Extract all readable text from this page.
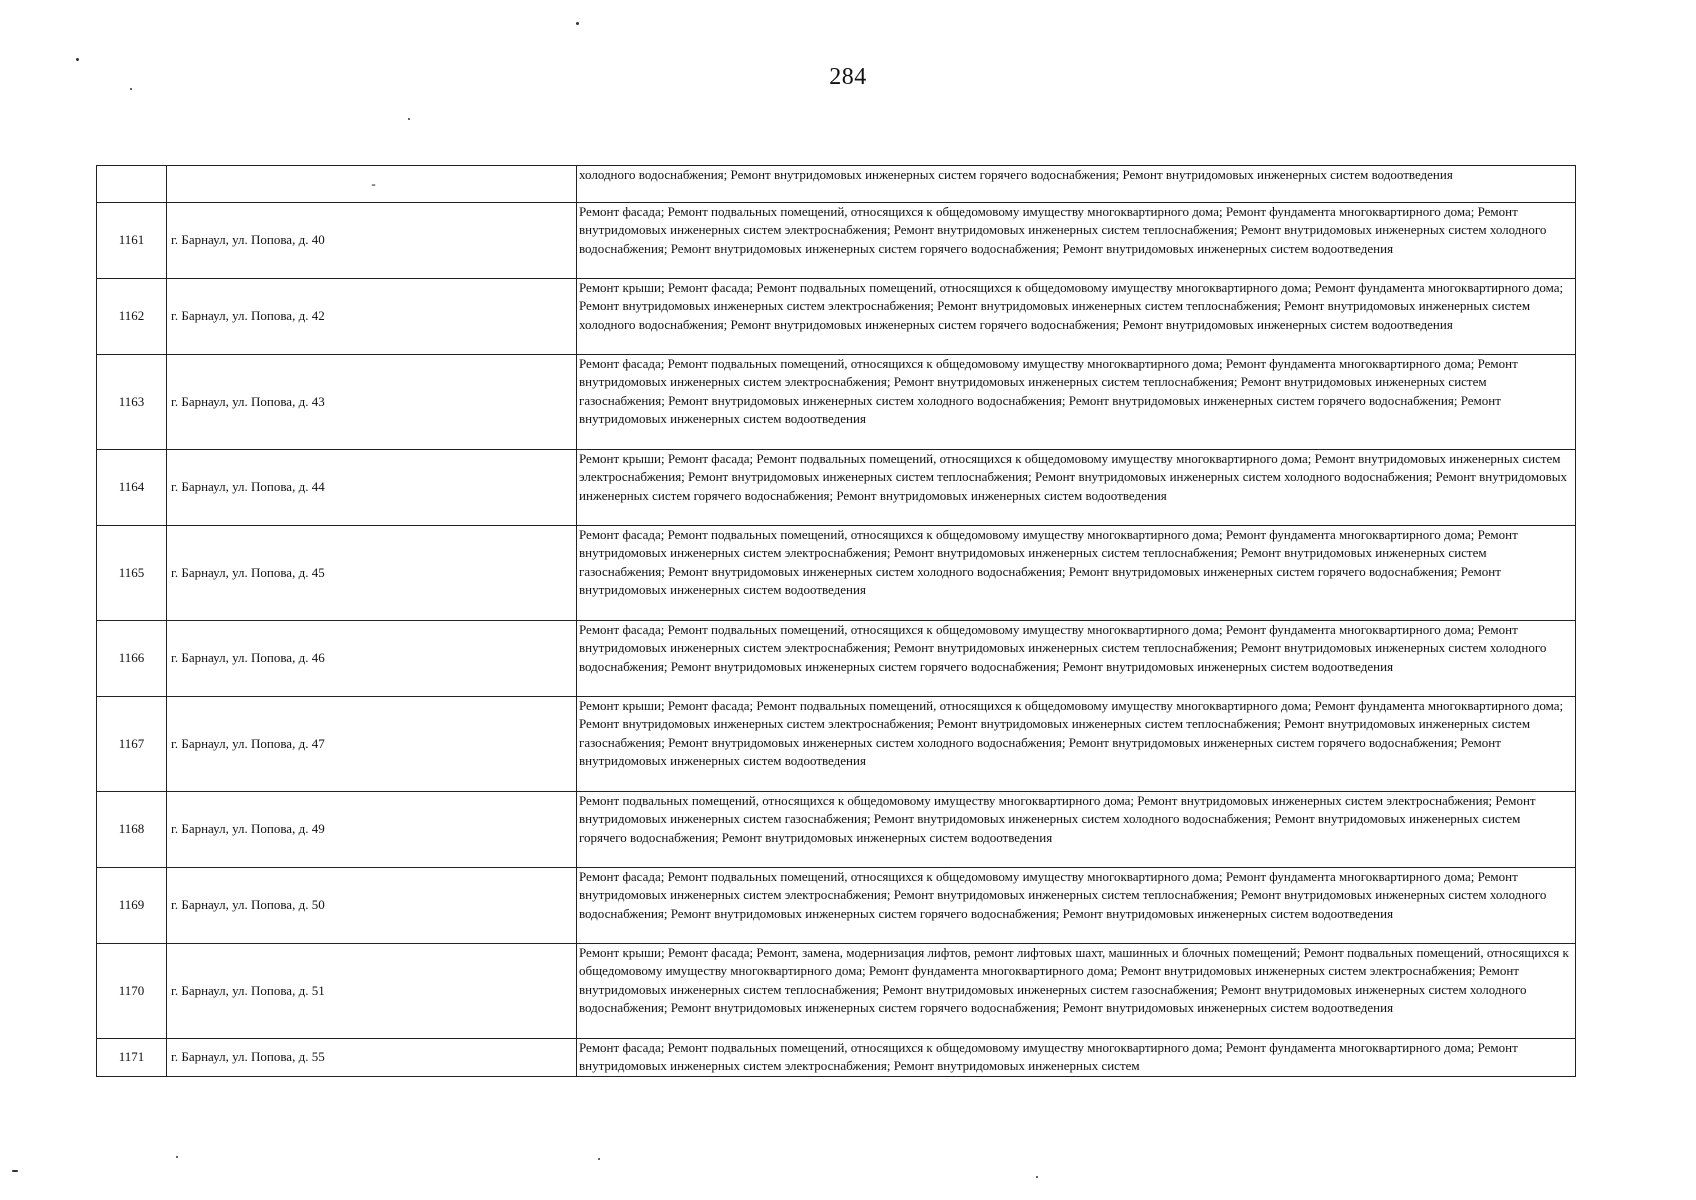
284
	-	холодного водоснабжения; Ремонт внутридомовых инженерных систем горячего водоснабжения; Ремонт внутридомовых инженерных систем водоотведения

1161	г. Барнаул, ул. Попова, д. 40	Ремонт фасада; Ремонт подвальных помещений, относящихся к общедомовому имуществу многоквартирного дома; Ремонт фундамента многоквартирного дома; Ремонт внутридомовых инженерных систем электроснабжения; Ремонт внутридомовых инженерных систем теплоснабжения; Ремонт внутридомовых инженерных систем холодного водоснабжения; Ремонт внутридомовых инженерных систем горячего водоснабжения; Ремонт внутридомовых инженерных систем водоотведения

1162	г. Барнаул, ул. Попова, д. 42	Ремонт крыши; Ремонт фасада; Ремонт подвальных помещений, относящихся к общедомовому имуществу многоквартирного дома; Ремонт фундамента многоквартирного дома; Ремонт внутридомовых инженерных систем электроснабжения; Ремонт внутридомовых инженерных систем теплоснабжения; Ремонт внутридомовых инженерных систем холодного водоснабжения; Ремонт внутридомовых инженерных систем горячего водоснабжения; Ремонт внутридомовых инженерных систем водоотведения

1163	г. Барнаул, ул. Попова, д. 43	Ремонт фасада; Ремонт подвальных помещений, относящихся к общедомовому имуществу многоквартирного дома; Ремонт фундамента многоквартирного дома; Ремонт внутридомовых инженерных систем электроснабжения; Ремонт внутридомовых инженерных систем теплоснабжения; Ремонт внутридомовых инженерных систем газоснабжения; Ремонт внутридомовых инженерных систем холодного водоснабжения; Ремонт внутридомовых инженерных систем горячего водоснабжения; Ремонт внутридомовых инженерных систем водоотведения

1164	г. Барнаул, ул. Попова, д. 44	Ремонт крыши; Ремонт фасада; Ремонт подвальных помещений, относящихся к общедомовому имуществу многоквартирного дома; Ремонт внутридомовых инженерных систем электроснабжения; Ремонт внутридомовых инженерных систем теплоснабжения; Ремонт внутридомовых инженерных систем холодного водоснабжения; Ремонт внутридомовых инженерных систем горячего водоснабжения; Ремонт внутридомовых инженерных систем водоотведения

1165	г. Барнаул, ул. Попова, д. 45	Ремонт фасада; Ремонт подвальных помещений, относящихся к общедомовому имуществу многоквартирного дома; Ремонт фундамента многоквартирного дома; Ремонт внутридомовых инженерных систем электроснабжения; Ремонт внутридомовых инженерных систем теплоснабжения; Ремонт внутридомовых инженерных систем газоснабжения; Ремонт внутридомовых инженерных систем холодного водоснабжения; Ремонт внутридомовых инженерных систем горячего водоснабжения; Ремонт внутридомовых инженерных систем водоотведения

1166	г. Барнаул, ул. Попова, д. 46	Ремонт фасада; Ремонт подвальных помещений, относящихся к общедомовому имуществу многоквартирного дома; Ремонт фундамента многоквартирного дома; Ремонт внутридомовых инженерных систем электроснабжения; Ремонт внутридомовых инженерных систем теплоснабжения; Ремонт внутридомовых инженерных систем холодного водоснабжения; Ремонт внутридомовых инженерных систем горячего водоснабжения; Ремонт внутридомовых инженерных систем водоотведения

1167	г. Барнаул, ул. Попова, д. 47	Ремонт крыши; Ремонт фасада; Ремонт подвальных помещений, относящихся к общедомовому имуществу многоквартирного дома; Ремонт фундамента многоквартирного дома; Ремонт внутридомовых инженерных систем электроснабжения; Ремонт внутридомовых инженерных систем теплоснабжения; Ремонт внутридомовых инженерных систем газоснабжения; Ремонт внутридомовых инженерных систем холодного водоснабжения; Ремонт внутридомовых инженерных систем горячего водоснабжения; Ремонт внутридомовых инженерных систем водоотведения

1168	г. Барнаул, ул. Попова, д. 49	Ремонт подвальных помещений, относящихся к общедомовому имуществу многоквартирного дома; Ремонт внутридомовых инженерных систем электроснабжения; Ремонт внутридомовых инженерных систем газоснабжения; Ремонт внутридомовых инженерных систем холодного водоснабжения; Ремонт внутридомовых инженерных систем горячего водоснабжения; Ремонт внутридомовых инженерных систем водоотведения

1169	г. Барнаул, ул. Попова, д. 50	Ремонт фасада; Ремонт подвальных помещений, относящихся к общедомовому имуществу многоквартирного дома; Ремонт фундамента многоквартирного дома; Ремонт внутридомовых инженерных систем электроснабжения; Ремонт внутридомовых инженерных систем теплоснабжения; Ремонт внутридомовых инженерных систем холодного водоснабжения; Ремонт внутридомовых инженерных систем горячего водоснабжения; Ремонт внутридомовых инженерных систем водоотведения

1170	г. Барнаул, ул. Попова, д. 51	Ремонт крыши; Ремонт фасада; Ремонт, замена, модернизация лифтов, ремонт лифтовых шахт, машинных и блочных помещений; Ремонт подвальных помещений, относящихся к общедомовому имуществу многоквартирного дома; Ремонт фундамента многоквартирного дома; Ремонт внутридомовых инженерных систем электроснабжения; Ремонт внутридомовых инженерных систем теплоснабжения; Ремонт внутридомовых инженерных систем газоснабжения; Ремонт внутридомовых инженерных систем холодного водоснабжения; Ремонт внутридомовых инженерных систем горячего водоснабжения; Ремонт внутридомовых инженерных систем водоотведения

1171	г. Барнаул, ул. Попова, д. 55	Ремонт фасада; Ремонт подвальных помещений, относящихся к общедомовому имуществу многоквартирного дома; Ремонт фундамента многоквартирного дома; Ремонт внутридомовых инженерных систем электроснабжения; Ремонт внутридомовых инженерных систем
